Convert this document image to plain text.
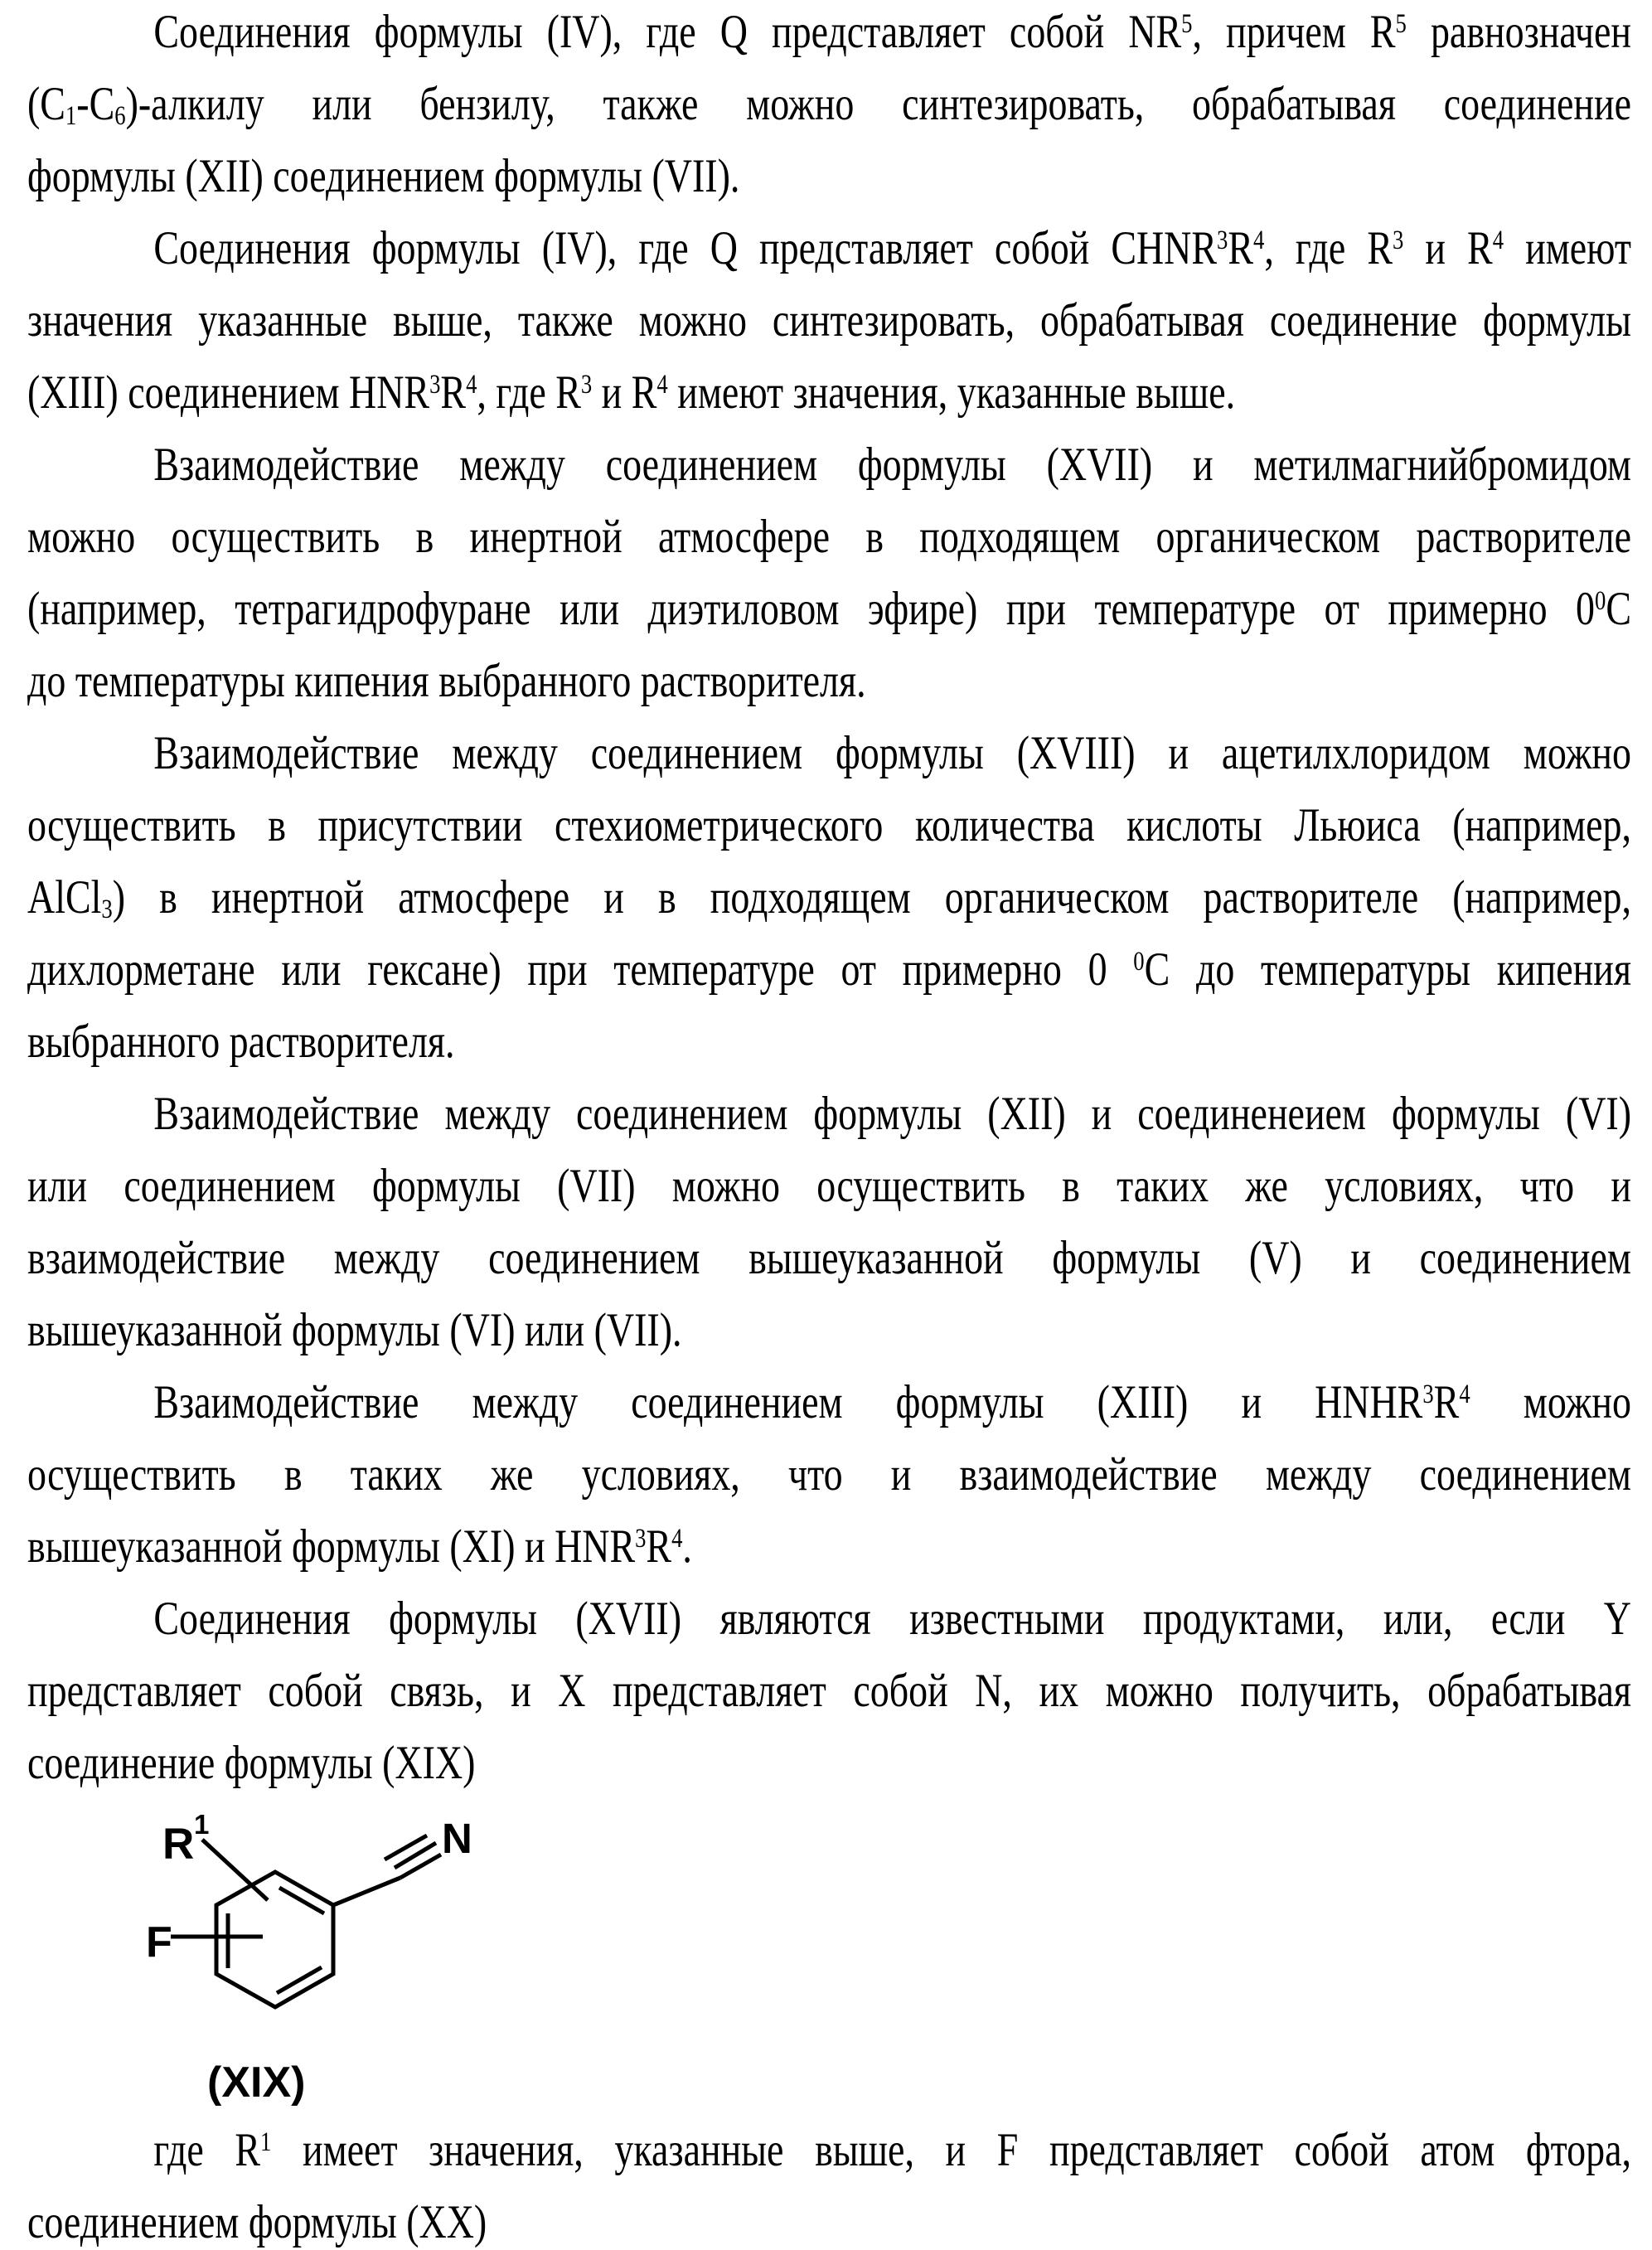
Соединения формулы (IV), где Q представляет собой $NR^5$, причем $R^5$ равнозначен
$(C_1-C_6)$-алкилу или бензилу, также можно синтезировать, обрабатывая соединение
формулы (XII) соединением формулы (VII).
Соединения формулы (IV), где Q представляет собой $CHNR^3R^4$, где $R^3$ и $R^4$ имеют
значения указанные выше, также можно синтезировать, обрабатывая соединение формулы
(XIII) соединением $HNR^3R^4$, где $R^3$ и $R^4$ имеют значения, указанные выше.
Взаимодействие между соединением формулы (XVII) и метилмагнийбромидом
можно осуществить в инертной атмосфере в подходящем органическом растворителе
(например, тетрагидрофуране или диэтиловом эфире) при температуре от примерно $0^0С$
до температуры кипения выбранного растворителя.
Взаимодействие между соединением формулы (XVIII) и ацетилхлоридом можно
осуществить в присутствии стехиометрического количества кислоты Льюиса (например,
AlCl$_3$) в инертной атмосфере и в подходящем органическом растворителе (например,
дихлорметане или гексане) при температуре от примерно 0 $^0$С до температуры кипения
выбранного растворителя.
Взаимодействие между соединением формулы (XII) и соединенеием формулы (VI)
или соединением формулы (VII) можно осуществить в таких же условиях, что и
взаимодействие между соединением вышеуказанной формулы (V) и соединением
вышеуказанной формулы (VI) или (VII).
Взаимодействие между соединением формулы (XIII) и $HNHR^3R^4$ можно
осуществить в таких же условиях, что и взаимодействие между соединением
вышеуказанной формулы (XI) и $HNR^3R^4$.
Соединения формулы (XVII) являются известными продуктами, или, если Y
представляет собой связь, и X представляет собой N, их можно получить, обрабатывая
соединение формулы (XIX)
R 1
F
N
(XIX)
где $R^1$ имеет значения, указанные выше, и F представляет собой атом фтора,
соединением формулы (XX)
